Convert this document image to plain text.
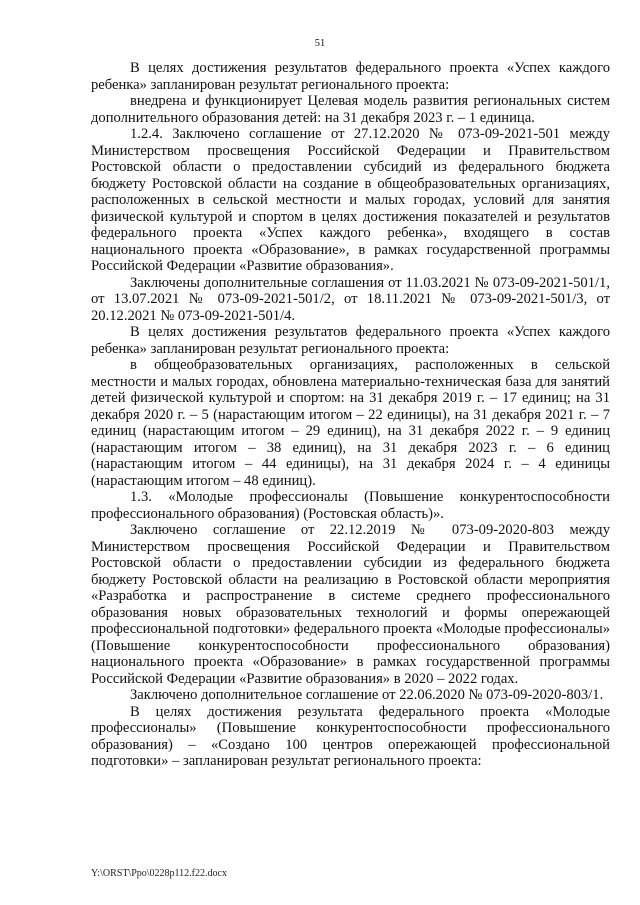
51

В целях достижения результатов федерального проекта «Успех каждого ребенка» запланирован результат регионального проекта:

внедрена и функционирует Целевая модель развития региональных систем дополнительного образования детей: на 31 декабря 2023 г. – 1 единица.

1.2.4. Заключено соглашение от 27.12.2020 № 073-09-2021-501 между Министерством просвещения Российской Федерации и Правительством Ростовской области о предоставлении субсидий из федерального бюджета бюджету Ростовской области на создание в общеобразовательных организациях, расположенных в сельской местности и малых городах, условий для занятия физической культурой и спортом в целях достижения показателей и результатов федерального проекта «Успех каждого ребенка», входящего в состав национального проекта «Образование», в рамках государственной программы Российской Федерации «Развитие образования».

Заключены дополнительные соглашения от 11.03.2021 № 073-09-2021-501/1, от 13.07.2021 № 073-09-2021-501/2, от 18.11.2021 № 073-09-2021-501/3, от 20.12.2021 № 073-09-2021-501/4.

В целях достижения результатов федерального проекта «Успех каждого ребенка» запланирован результат регионального проекта:

в общеобразовательных организациях, расположенных в сельской местности и малых городах, обновлена материально-техническая база для занятий детей физической культурой и спортом: на 31 декабря 2019 г. – 17 единиц; на 31 декабря 2020 г. – 5 (нарастающим итогом – 22 единицы), на 31 декабря 2021 г. – 7 единиц (нарастающим итогом – 29 единиц), на 31 декабря 2022 г. – 9 единиц (нарастающим итогом – 38 единиц), на 31 декабря 2023 г. – 6 единиц (нарастающим итогом – 44 единицы), на 31 декабря 2024 г. – 4 единицы (нарастающим итогом – 48 единиц).

1.3. «Молодые профессионалы (Повышение конкурентоспособности профессионального образования) (Ростовская область)».

Заключено соглашение от 22.12.2019 № 073-09-2020-803 между Министерством просвещения Российской Федерации и Правительством Ростовской области о предоставлении субсидии из федерального бюджета бюджету Ростовской области на реализацию в Ростовской области мероприятия «Разработка и распространение в системе среднего профессионального образования новых образовательных технологий и формы опережающей профессиональной подготовки» федерального проекта «Молодые профессионалы» (Повышение конкурентоспособности профессионального образования) национального проекта «Образование» в рамках государственной программы Российской Федерации «Развитие образования» в 2020 – 2022 годах.

Заключено дополнительное соглашение от 22.06.2020 № 073-09-2020-803/1.

В целях достижения результата федерального проекта «Молодые профессионалы» (Повышение конкурентоспособности профессионального образования) – «Создано 100 центров опережающей профессиональной подготовки» – запланирован результат регионального проекта:

Y:\ORST\Ppo\0228p112.f22.docx
